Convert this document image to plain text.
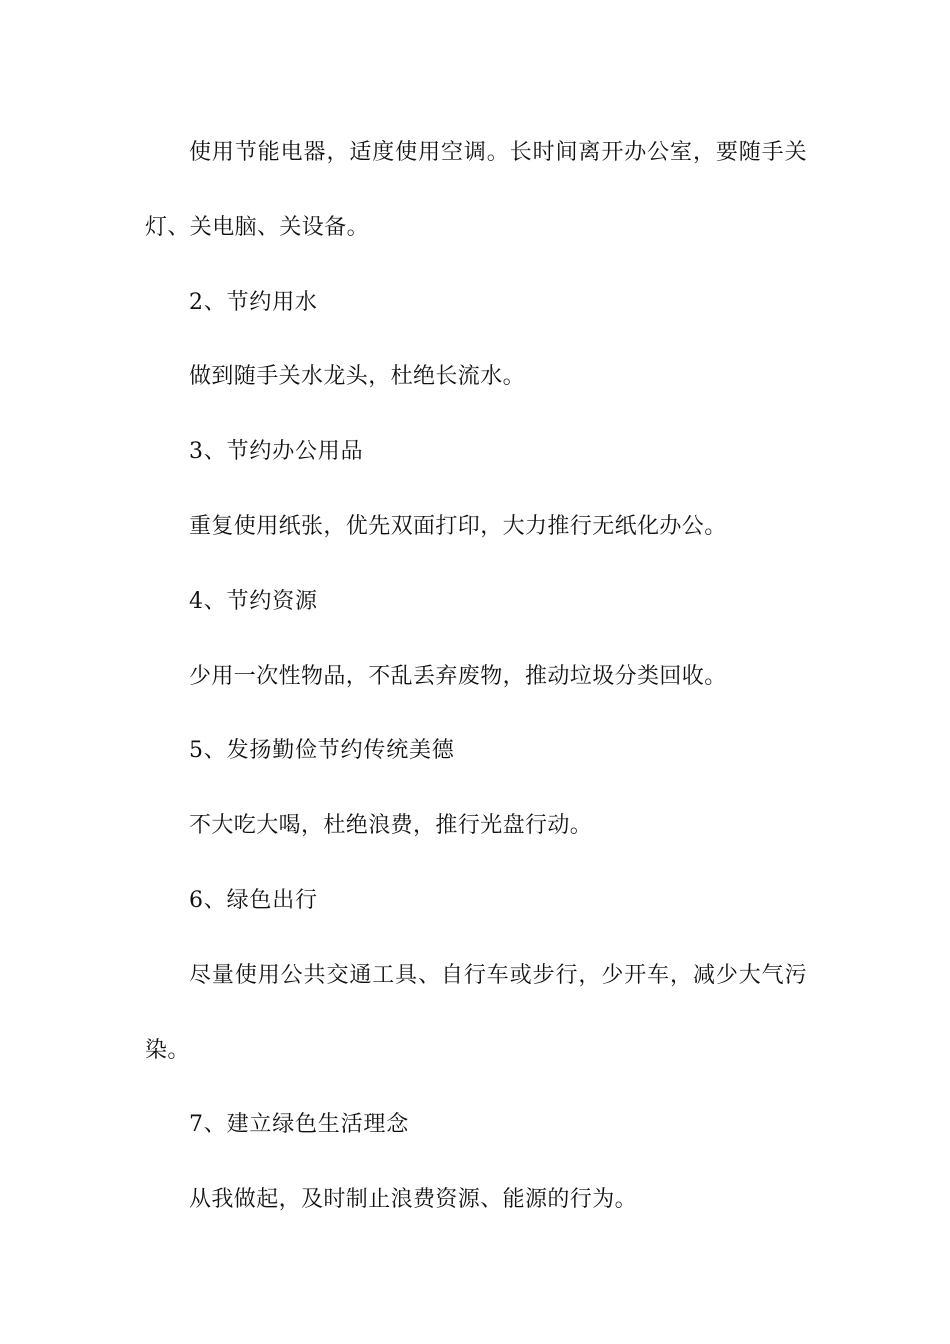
使用节能电器，适度使用空调。长时间离开办公室，要随手关灯、关电脑、关设备。

2、节约用水

做到随手关水龙头，杜绝长流水。

3、节约办公用品

重复使用纸张，优先双面打印，大力推行无纸化办公。

4、节约资源

少用一次性物品，不乱丢弃废物，推动垃圾分类回收。

5、发扬勤俭节约传统美德

不大吃大喝，杜绝浪费，推行光盘行动。

6、绿色出行

尽量使用公共交通工具、自行车或步行，少开车，减少大气污染。

7、建立绿色生活理念

从我做起，及时制止浪费资源、能源的行为。
